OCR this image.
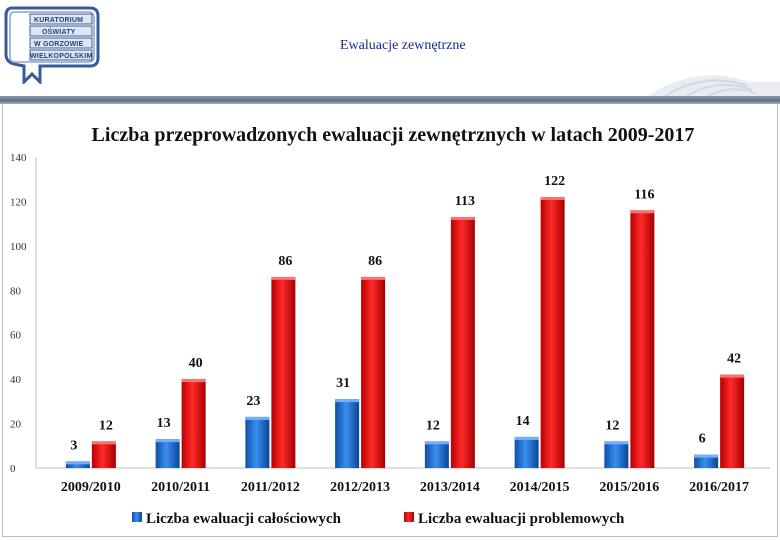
KURATORIUM
OŚWIATY
W GORZOWIE
WIELKOPOLSKIM
Ewaluacje zewnętrzne
Liczba przeprowadzonych ewaluacji zewnętrznych w latach 2009-2017
0
20
40
60
80
100
120
140
3
12	13
40
23
86
31
86
12
113
14
122
12
116
6
42
2009/2010 2010/2011 2011/2012 2012/2013 2013/2014 2014/2015 2015/2016 2016/2017
Liczba ewaluacji całościowych	Liczba ewaluacji problemowych
